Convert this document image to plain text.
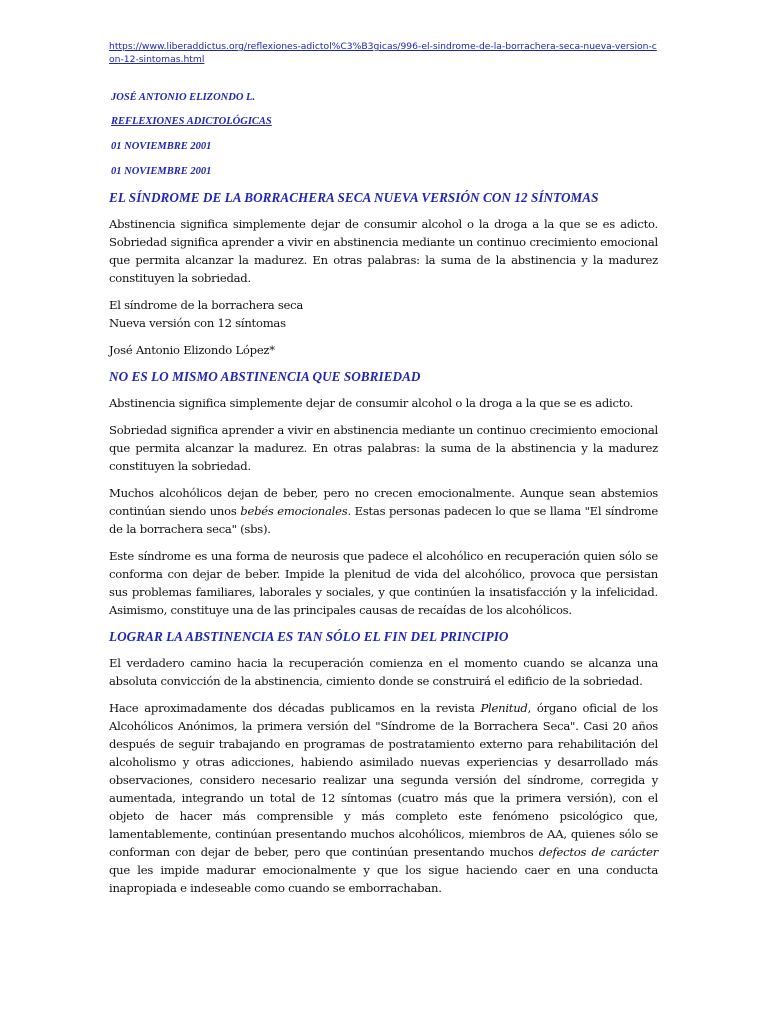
https://www.liberaddictus.org/reflexiones-adictol%C3%B3gicas/996-el-sindrome-de-la-borrachera-seca-nueva-version-con-12-sintomas.html
JOSÉ ANTONIO ELIZONDO L.
REFLEXIONES ADICTOLÓGICAS
01 NOVIEMBRE 2001
01 NOVIEMBRE 2001
EL SÍNDROME DE LA BORRACHERA SECA NUEVA VERSIÓN CON 12 SÍNTOMAS

Abstinencia significa simplemente dejar de consumir alcohol o la droga a la que se es adicto. Sobriedad significa aprender a vivir en abstinencia mediante un continuo crecimiento emocional que permita alcanzar la madurez. En otras palabras: la suma de la abstinencia y la madurez constituyen la sobriedad.

El síndrome de la borrachera seca
Nueva versión con 12 síntomas

José Antonio Elizondo López*

NO ES LO MISMO ABSTINENCIA QUE SOBRIEDAD

Abstinencia significa simplemente dejar de consumir alcohol o la droga a la que se es adicto.

Sobriedad significa aprender a vivir en abstinencia mediante un continuo crecimiento emocional que permita alcanzar la madurez. En otras palabras: la suma de la abstinencia y la madurez constituyen la sobriedad.

Muchos alcohólicos dejan de beber, pero no crecen emocionalmente. Aunque sean abstemios continúan siendo unos bebés emocionales. Estas personas padecen lo que se llama "El síndrome de la borrachera seca" (sbs).

Este síndrome es una forma de neurosis que padece el alcohólico en recuperación quien sólo se conforma con dejar de beber. Impide la plenitud de vida del alcohólico, provoca que persistan sus problemas familiares, laborales y sociales, y que continúen la insatisfacción y la infelicidad. Asimismo, constituye una de las principales causas de recaídas de los alcohólicos.

LOGRAR LA ABSTINENCIA ES TAN SÓLO EL FIN DEL PRINCIPIO

El verdadero camino hacia la recuperación comienza en el momento cuando se alcanza una absoluta convicción de la abstinencia, cimiento donde se construirá el edificio de la sobriedad.

Hace aproximadamente dos décadas publicamos en la revista Plenitud, órgano oficial de los Alcohólicos Anónimos, la primera versión del "Síndrome de la Borrachera Seca". Casi 20 años después de seguir trabajando en programas de postratamiento externo para rehabilitación del alcoholismo y otras adicciones, habiendo asimilado nuevas experiencias y desarrollado más observaciones, considero necesario realizar una segunda versión del síndrome, corregida y aumentada, integrando un total de 12 síntomas (cuatro más que la primera versión), con el objeto de hacer más comprensible y más completo este fenómeno psicológico que, lamentablemente, continúan presentando muchos alcohólicos, miembros de AA, quienes sólo se conforman con dejar de beber, pero que continúan presentando muchos defectos de carácter que les impide madurar emocionalmente y que los sigue haciendo caer en una conducta inapropiada e indeseable como cuando se emborrachaban.
